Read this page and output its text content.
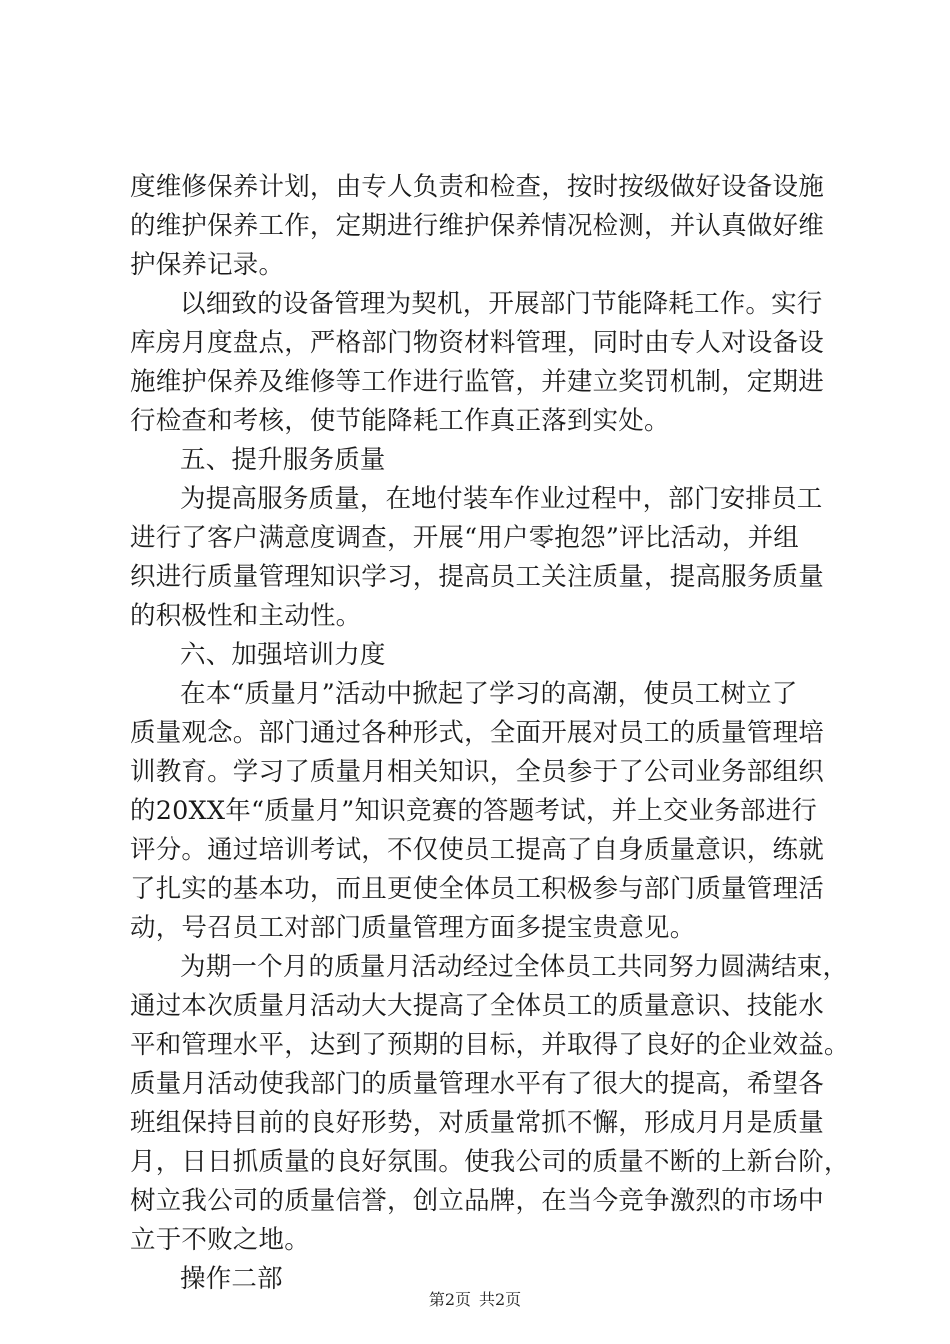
度维修保养计划，由专人负责和检查，按时按级做好设备设施
的维护保养工作，定期进行维护保养情况检测，并认真做好维
护保养记录。
以细致的设备管理为契机，开展部门节能降耗工作。实行
库房月度盘点，严格部门物资材料管理，同时由专人对设备设
施维护保养及维修等工作进行监管，并建立奖罚机制，定期进
行检查和考核，使节能降耗工作真正落到实处。
五、提升服务质量
为提高服务质量，在地付装车作业过程中，部门安排员工
进行了客户满意度调查，开展“用户零抱怨”评比活动，并组
织进行质量管理知识学习，提高员工关注质量，提高服务质量
的积极性和主动性。
六、加强培训力度
在本“质量月”活动中掀起了学习的高潮，使员工树立了
质量观念。部门通过各种形式，全面开展对员工的质量管理培
训教育。学习了质量月相关知识，全员参于了公司业务部组织
的20XX年“质量月”知识竞赛的答题考试，并上交业务部进行
评分。通过培训考试，不仅使员工提高了自身质量意识，练就
了扎实的基本功，而且更使全体员工积极参与部门质量管理活
动，号召员工对部门质量管理方面多提宝贵意见。
为期一个月的质量月活动经过全体员工共同努力圆满结束，
通过本次质量月活动大大提高了全体员工的质量意识、技能水
平和管理水平，达到了预期的目标，并取得了良好的企业效益。
质量月活动使我部门的质量管理水平有了很大的提高，希望各
班组保持目前的良好形势，对质量常抓不懈，形成月月是质量
月，日日抓质量的良好氛围。使我公司的质量不断的上新台阶，
树立我公司的质量信誉，创立品牌，在当今竞争激烈的市场中
立于不败之地。
操作二部
第2页 共2页
